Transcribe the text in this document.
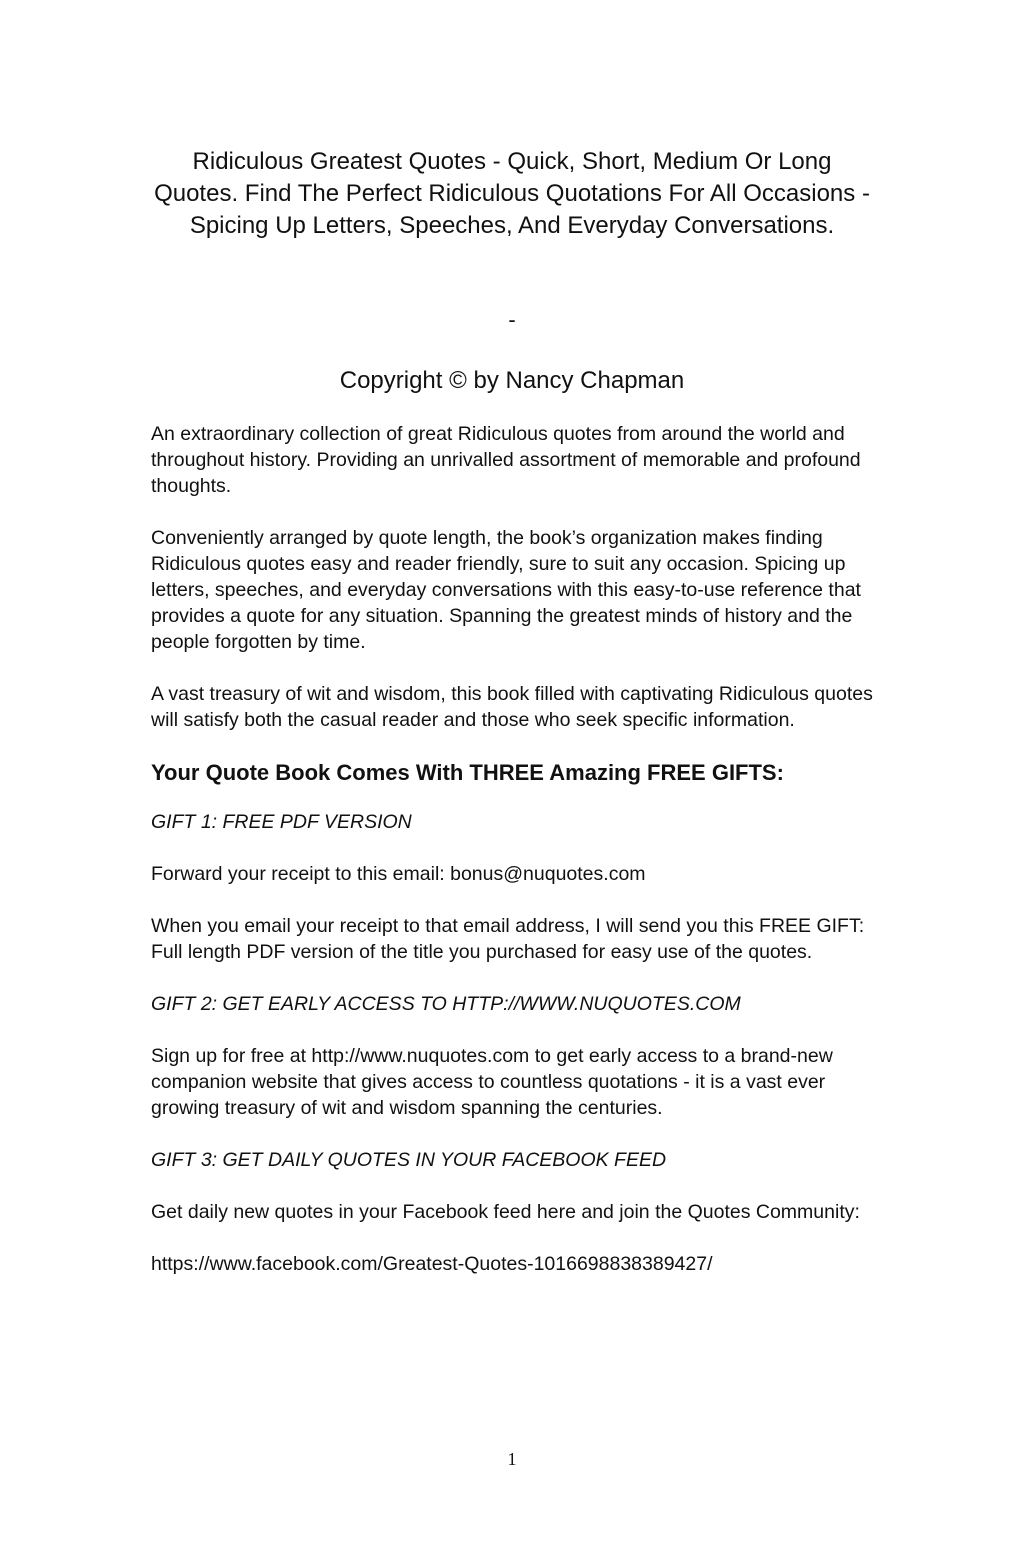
Ridiculous Greatest Quotes - Quick, Short, Medium Or Long Quotes. Find The Perfect Ridiculous Quotations For All Occasions - Spicing Up Letters, Speeches, And Everyday Conversations.
-
Copyright © by Nancy Chapman

An extraordinary collection of great Ridiculous quotes from around the world and throughout history. Providing an unrivalled assortment of memorable and profound thoughts.

Conveniently arranged by quote length, the book’s organization makes finding Ridiculous quotes easy and reader friendly, sure to suit any occasion. Spicing up letters, speeches, and everyday conversations with this easy-to-use reference that provides a quote for any situation. Spanning the greatest minds of history and the people forgotten by time.

A vast treasury of wit and wisdom, this book filled with captivating Ridiculous quotes will satisfy both the casual reader and those who seek specific information.

Your Quote Book Comes With THREE Amazing FREE GIFTS:

GIFT 1: FREE PDF VERSION

Forward your receipt to this email: bonus@nuquotes.com

When you email your receipt to that email address, I will send you this FREE GIFT: Full length PDF version of the title you purchased for easy use of the quotes.

GIFT 2: GET EARLY ACCESS TO HTTP://WWW.NUQUOTES.COM

Sign up for free at http://www.nuquotes.com to get early access to a brand-new companion website that gives access to countless quotations - it is a vast ever growing treasury of wit and wisdom spanning the centuries.

GIFT 3: GET DAILY QUOTES IN YOUR FACEBOOK FEED

Get daily new quotes in your Facebook feed here and join the Quotes Community:

https://www.facebook.com/Greatest-Quotes-1016698838389427/

1
